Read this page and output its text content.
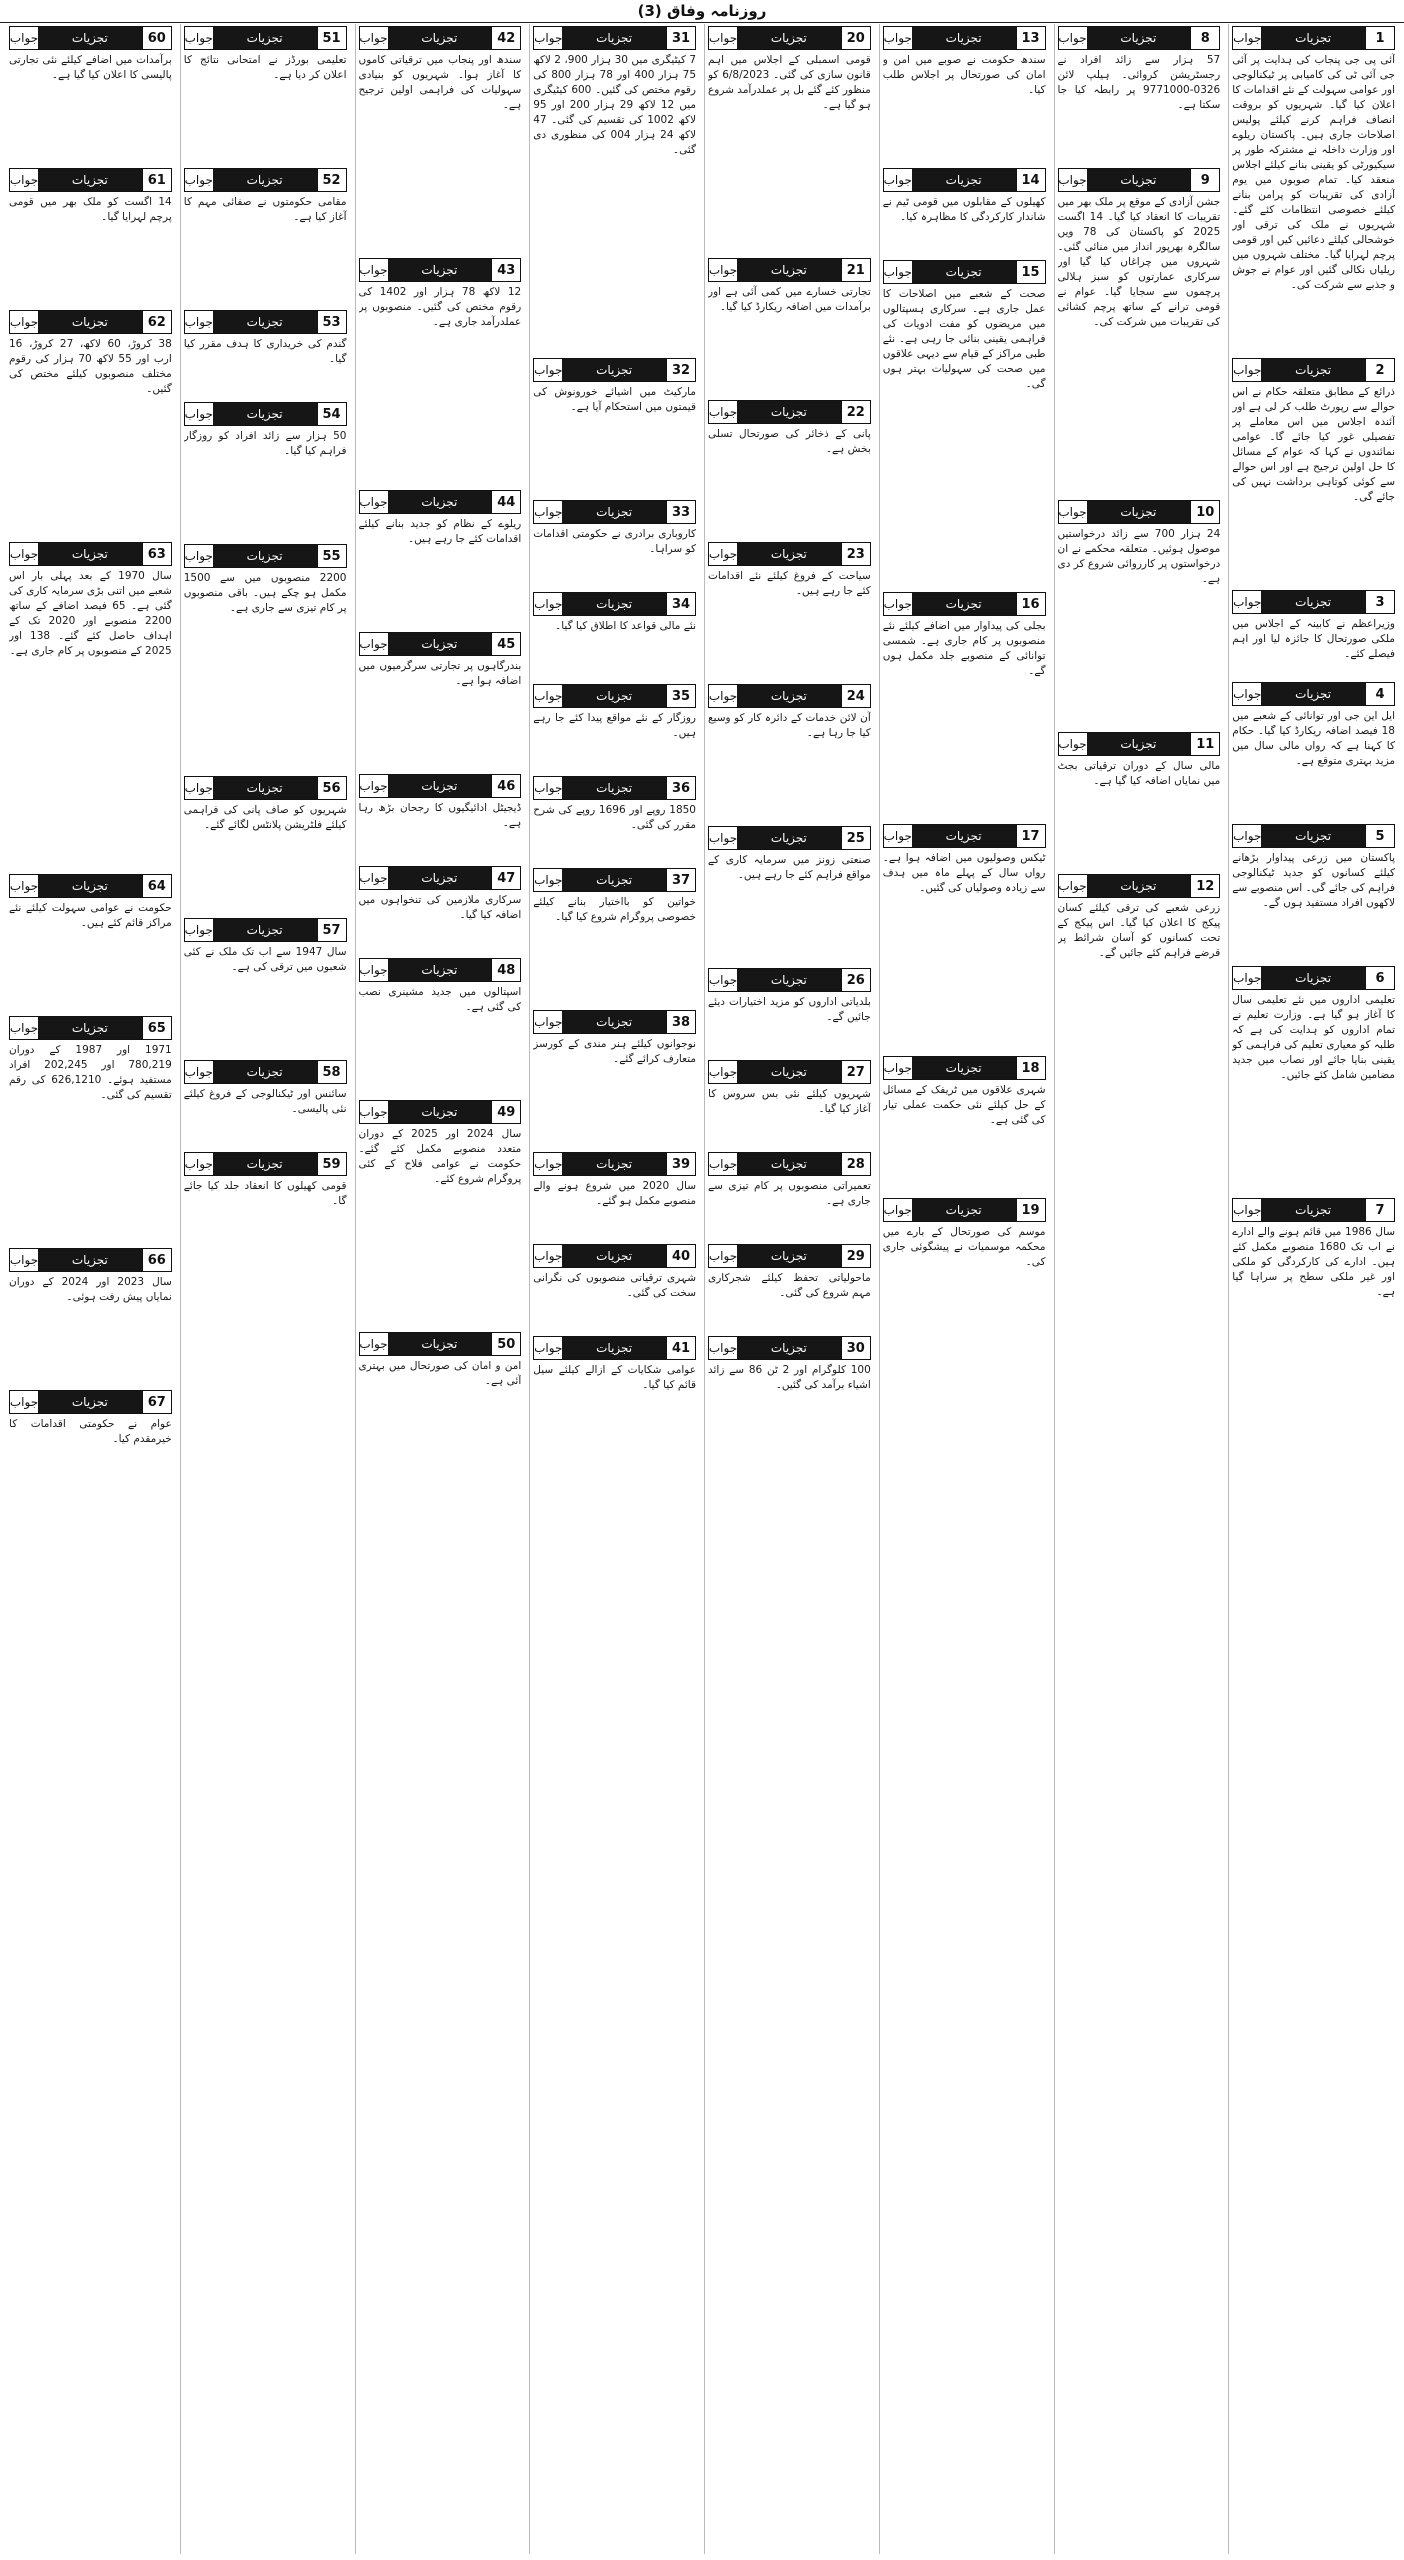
روزنامہ وفاق (3)
1
تجزیات
جواب
آئی پی جی پنجاب کی ہدایت پر آئی جی آئی ٹی کی کامیابی پر ٹیکنالوجی اور عوامی سہولت کے نئے اقدامات کا اعلان کیا گیا۔ شہریوں کو بروقت انصاف فراہم کرنے کیلئے پولیس اصلاحات جاری ہیں۔ پاکستان ریلوے اور وزارت داخلہ نے مشترکہ طور پر سیکیورٹی کو یقینی بنانے کیلئے اجلاس منعقد کیا۔ تمام صوبوں میں یوم آزادی کی تقریبات کو پرامن بنانے کیلئے خصوصی انتظامات کئے گئے۔ شہریوں نے ملک کی ترقی اور خوشحالی کیلئے دعائیں کیں اور قومی پرچم لہرایا گیا۔ مختلف شہروں میں ریلیاں نکالی گئیں اور عوام نے جوش و جذبے سے شرکت کی۔
2
تجزیات
جواب
ذرائع کے مطابق متعلقہ حکام نے اس حوالے سے رپورٹ طلب کر لی ہے اور آئندہ اجلاس میں اس معاملے پر تفصیلی غور کیا جائے گا۔ عوامی نمائندوں نے کہا کہ عوام کے مسائل کا حل اولین ترجیح ہے اور اس حوالے سے کوئی کوتاہی برداشت نہیں کی جائے گی۔
3
تجزیات
جواب
وزیراعظم نے کابینہ کے اجلاس میں ملکی صورتحال کا جائزہ لیا اور اہم فیصلے کئے۔
4
تجزیات
جواب
ایل این جی اور توانائی کے شعبے میں 18 فیصد اضافہ ریکارڈ کیا گیا۔ حکام کا کہنا ہے کہ رواں مالی سال میں مزید بہتری متوقع ہے۔
5
تجزیات
جواب
پاکستان میں زرعی پیداوار بڑھانے کیلئے کسانوں کو جدید ٹیکنالوجی فراہم کی جائے گی۔ اس منصوبے سے لاکھوں افراد مستفید ہوں گے۔
6
تجزیات
جواب
تعلیمی اداروں میں نئے تعلیمی سال کا آغاز ہو گیا ہے۔ وزارت تعلیم نے تمام اداروں کو ہدایت کی ہے کہ طلبہ کو معیاری تعلیم کی فراہمی کو یقینی بنایا جائے اور نصاب میں جدید مضامین شامل کئے جائیں۔
7
تجزیات
جواب
سال 1986 میں قائم ہونے والے ادارے نے اب تک 1680 منصوبے مکمل کئے ہیں۔ ادارے کی کارکردگی کو ملکی اور غیر ملکی سطح پر سراہا گیا ہے۔
8
تجزیات
جواب
57 ہزار سے زائد افراد نے رجسٹریشن کروائی۔ ہیلپ لائن 0326-9771000 پر رابطہ کیا جا سکتا ہے۔
9
تجزیات
جواب
جشن آزادی کے موقع پر ملک بھر میں تقریبات کا انعقاد کیا گیا۔ 14 اگست 2025 کو پاکستان کی 78 ویں سالگرہ بھرپور انداز میں منائی گئی۔ شہروں میں چراغاں کیا گیا اور سرکاری عمارتوں کو سبز ہلالی پرچموں سے سجایا گیا۔ عوام نے قومی ترانے کے ساتھ پرچم کشائی کی تقریبات میں شرکت کی۔
10
تجزیات
جواب
24 ہزار 700 سے زائد درخواستیں موصول ہوئیں۔ متعلقہ محکمے نے ان درخواستوں پر کارروائی شروع کر دی ہے۔
11
تجزیات
جواب
مالی سال کے دوران ترقیاتی بجٹ میں نمایاں اضافہ کیا گیا ہے۔
12
تجزیات
جواب
زرعی شعبے کی ترقی کیلئے کسان پیکج کا اعلان کیا گیا۔ اس پیکج کے تحت کسانوں کو آسان شرائط پر قرضے فراہم کئے جائیں گے۔
13
تجزیات
جواب
سندھ حکومت نے صوبے میں امن و امان کی صورتحال پر اجلاس طلب کیا۔
14
تجزیات
جواب
کھیلوں کے مقابلوں میں قومی ٹیم نے شاندار کارکردگی کا مظاہرہ کیا۔
15
تجزیات
جواب
صحت کے شعبے میں اصلاحات کا عمل جاری ہے۔ سرکاری ہسپتالوں میں مریضوں کو مفت ادویات کی فراہمی یقینی بنائی جا رہی ہے۔ نئے طبی مراکز کے قیام سے دیہی علاقوں میں صحت کی سہولیات بہتر ہوں گی۔
16
تجزیات
جواب
بجلی کی پیداوار میں اضافے کیلئے نئے منصوبوں پر کام جاری ہے۔ شمسی توانائی کے منصوبے جلد مکمل ہوں گے۔
17
تجزیات
جواب
ٹیکس وصولیوں میں اضافہ ہوا ہے۔ رواں سال کے پہلے ماہ میں ہدف سے زیادہ وصولیاں کی گئیں۔
18
تجزیات
جواب
شہری علاقوں میں ٹریفک کے مسائل کے حل کیلئے نئی حکمت عملی تیار کی گئی ہے۔
19
تجزیات
جواب
موسم کی صورتحال کے بارے میں محکمہ موسمیات نے پیشگوئی جاری کی۔
20
تجزیات
جواب
قومی اسمبلی کے اجلاس میں اہم قانون سازی کی گئی۔ 6/8/2023 کو منظور کئے گئے بل پر عملدرآمد شروع ہو گیا ہے۔
21
تجزیات
جواب
تجارتی خسارے میں کمی آئی ہے اور برآمدات میں اضافہ ریکارڈ کیا گیا۔
22
تجزیات
جواب
پانی کے ذخائر کی صورتحال تسلی بخش ہے۔
23
تجزیات
جواب
سیاحت کے فروغ کیلئے نئے اقدامات کئے جا رہے ہیں۔
24
تجزیات
جواب
آن لائن خدمات کے دائرہ کار کو وسیع کیا جا رہا ہے۔
25
تجزیات
جواب
صنعتی زونز میں سرمایہ کاری کے مواقع فراہم کئے جا رہے ہیں۔
26
تجزیات
جواب
بلدیاتی اداروں کو مزید اختیارات دیئے جائیں گے۔
27
تجزیات
جواب
شہریوں کیلئے نئی بس سروس کا آغاز کیا گیا۔
28
تجزیات
جواب
تعمیراتی منصوبوں پر کام تیزی سے جاری ہے۔
29
تجزیات
جواب
ماحولیاتی تحفظ کیلئے شجرکاری مہم شروع کی گئی۔
30
تجزیات
جواب
100 کلوگرام اور 2 ٹن 86 سے زائد اشیاء برآمد کی گئیں۔
31
تجزیات
جواب
7 کیٹیگری میں 30 ہزار 900، 2 لاکھ 75 ہزار 400 اور 78 ہزار 800 کی رقوم مختص کی گئیں۔ 600 کیٹیگری میں 12 لاکھ 29 ہزار 200 اور 95 لاکھ 1002 کی تقسیم کی گئی۔ 47 لاکھ 24 ہزار 004 کی منظوری دی گئی۔
32
تجزیات
جواب
مارکیٹ میں اشیائے خورونوش کی قیمتوں میں استحکام آیا ہے۔
33
تجزیات
جواب
کاروباری برادری نے حکومتی اقدامات کو سراہا۔
34
تجزیات
جواب
نئے مالی قواعد کا اطلاق کیا گیا۔
35
تجزیات
جواب
روزگار کے نئے مواقع پیدا کئے جا رہے ہیں۔
36
تجزیات
جواب
1850 روپے اور 1696 روپے کی شرح مقرر کی گئی۔
37
تجزیات
جواب
خواتین کو بااختیار بنانے کیلئے خصوصی پروگرام شروع کیا گیا۔
38
تجزیات
جواب
نوجوانوں کیلئے ہنر مندی کے کورسز متعارف کرائے گئے۔
39
تجزیات
جواب
سال 2020 میں شروع ہونے والے منصوبے مکمل ہو گئے۔
40
تجزیات
جواب
شہری ترقیاتی منصوبوں کی نگرانی سخت کی گئی۔
41
تجزیات
جواب
عوامی شکایات کے ازالے کیلئے سیل قائم کیا گیا۔
42
تجزیات
جواب
سندھ اور پنجاب میں ترقیاتی کاموں کا آغاز ہوا۔ شہریوں کو بنیادی سہولیات کی فراہمی اولین ترجیح ہے۔
43
تجزیات
جواب
12 لاکھ 78 ہزار اور 1402 کی رقوم مختص کی گئیں۔ منصوبوں پر عملدرآمد جاری ہے۔
44
تجزیات
جواب
ریلوے کے نظام کو جدید بنانے کیلئے اقدامات کئے جا رہے ہیں۔
45
تجزیات
جواب
بندرگاہوں پر تجارتی سرگرمیوں میں اضافہ ہوا ہے۔
46
تجزیات
جواب
ڈیجیٹل ادائیگیوں کا رجحان بڑھ رہا ہے۔
47
تجزیات
جواب
سرکاری ملازمین کی تنخواہوں میں اضافہ کیا گیا۔
48
تجزیات
جواب
اسپتالوں میں جدید مشینری نصب کی گئی ہے۔
49
تجزیات
جواب
سال 2024 اور 2025 کے دوران متعدد منصوبے مکمل کئے گئے۔ حکومت نے عوامی فلاح کے کئی پروگرام شروع کئے۔
50
تجزیات
جواب
امن و امان کی صورتحال میں بہتری آئی ہے۔
51
تجزیات
جواب
تعلیمی بورڈز نے امتحانی نتائج کا اعلان کر دیا ہے۔
52
تجزیات
جواب
مقامی حکومتوں نے صفائی مہم کا آغاز کیا ہے۔
53
تجزیات
جواب
گندم کی خریداری کا ہدف مقرر کیا گیا۔
54
تجزیات
جواب
50 ہزار سے زائد افراد کو روزگار فراہم کیا گیا۔
55
تجزیات
جواب
2200 منصوبوں میں سے 1500 مکمل ہو چکے ہیں۔ باقی منصوبوں پر کام تیزی سے جاری ہے۔
56
تجزیات
جواب
شہریوں کو صاف پانی کی فراہمی کیلئے فلٹریشن پلانٹس لگائے گئے۔
57
تجزیات
جواب
سال 1947 سے اب تک ملک نے کئی شعبوں میں ترقی کی ہے۔
58
تجزیات
جواب
سائنس اور ٹیکنالوجی کے فروغ کیلئے نئی پالیسی۔
59
تجزیات
جواب
قومی کھیلوں کا انعقاد جلد کیا جائے گا۔
60
تجزیات
جواب
برآمدات میں اضافے کیلئے نئی تجارتی پالیسی کا اعلان کیا گیا ہے۔
61
تجزیات
جواب
14 اگست کو ملک بھر میں قومی پرچم لہرایا گیا۔
62
تجزیات
جواب
38 کروڑ، 60 لاکھ، 27 کروڑ، 16 ارب اور 55 لاکھ 70 ہزار کی رقوم مختلف منصوبوں کیلئے مختص کی گئیں۔
63
تجزیات
جواب
سال 1970 کے بعد پہلی بار اس شعبے میں اتنی بڑی سرمایہ کاری کی گئی ہے۔ 65 فیصد اضافے کے ساتھ 2200 منصوبے اور 2020 تک کے اہداف حاصل کئے گئے۔ 138 اور 2025 کے منصوبوں پر کام جاری ہے۔
64
تجزیات
جواب
حکومت نے عوامی سہولت کیلئے نئے مراکز قائم کئے ہیں۔
65
تجزیات
جواب
1971 اور 1987 کے دوران 780,219 اور 202,245 افراد مستفید ہوئے۔ 626,1210 کی رقم تقسیم کی گئی۔
66
تجزیات
جواب
سال 2023 اور 2024 کے دوران نمایاں پیش رفت ہوئی۔
67
تجزیات
جواب
عوام نے حکومتی اقدامات کا خیرمقدم کیا۔
